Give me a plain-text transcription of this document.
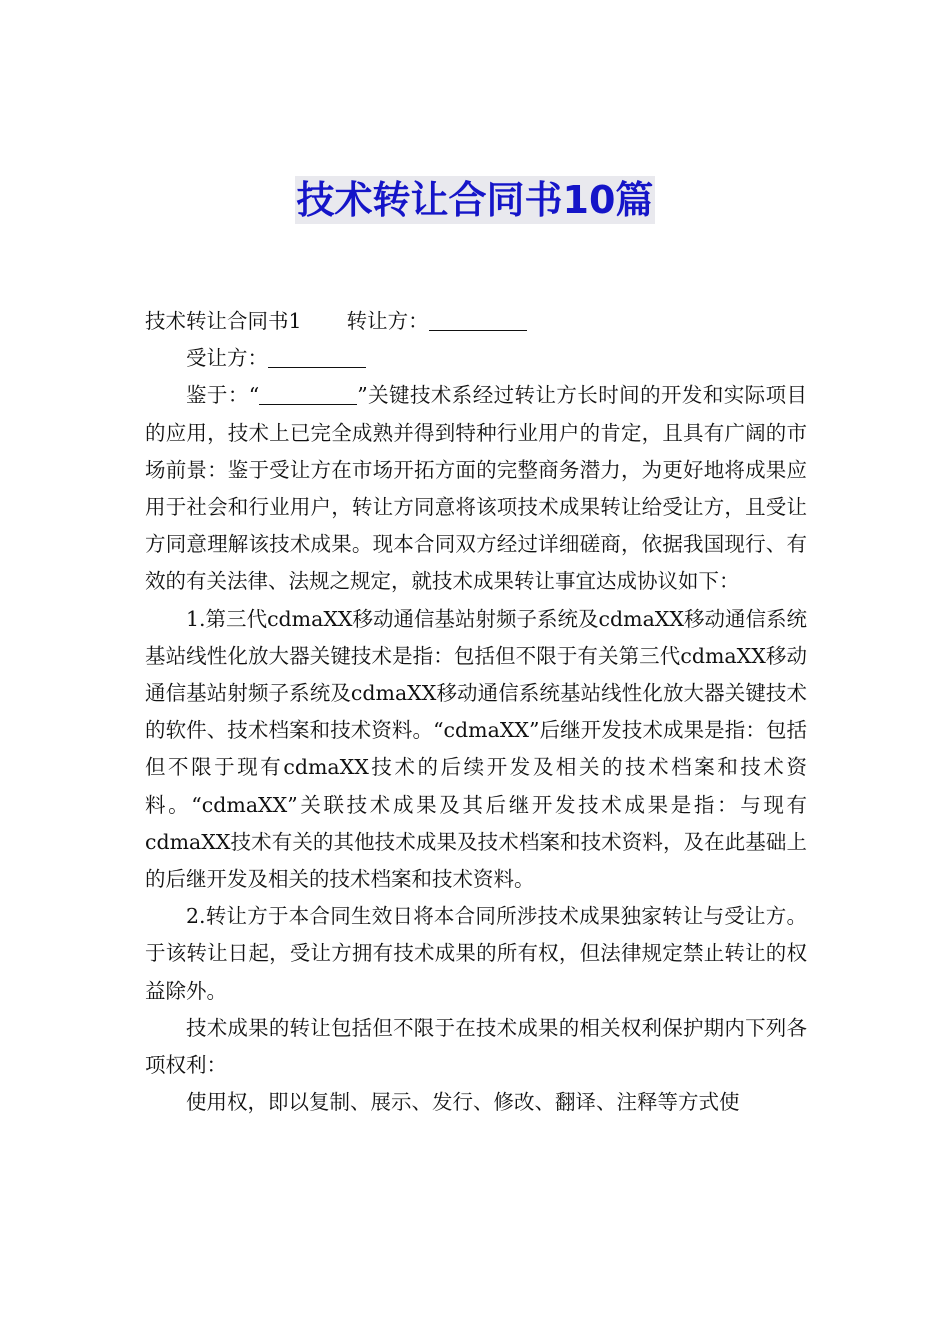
技术转让合同书10篇

技术转让合同书1 转让方：

受让方：

鉴于：“	”关键技术系经过转让方长时间的开发和实际项目的应用，技术上已完全成熟并得到特种行业用户的肯定，且具有广阔的市场前景：鉴于受让方在市场开拓方面的完整商务潜力，为更好地将成果应用于社会和行业用户，转让方同意将该项技术成果转让给受让方，且受让方同意理解该技术成果。现本合同双方经过详细磋商，依据我国现行、有效的有关法律、法规之规定，就技术成果转让事宜达成协议如下：

1.第三代cdmaXX移动通信基站射频子系统及cdmaXX移动通信系统基站线性化放大器关键技术是指：包括但不限于有关第三代cdmaXX移动通信基站射频子系统及cdmaXX移动通信系统基站线性化放大器关键技术的软件、技术档案和技术资料。“cdmaXX”后继开发技术成果是指：包括但不限于现有cdmaXX技术的后续开发及相关的技术档案和技术资料。“cdmaXX”关联技术成果及其后继开发技术成果是指：与现有cdmaXX技术有关的其他技术成果及技术档案和技术资料，及在此基础上的后继开发及相关的技术档案和技术资料。

2.转让方于本合同生效日将本合同所涉技术成果独家转让与受让方。于该转让日起，受让方拥有技术成果的所有权，但法律规定禁止转让的权益除外。

技术成果的转让包括但不限于在技术成果的相关权利保护期内下列各项权利：

使用权，即以复制、展示、发行、修改、翻译、注释等方式使
